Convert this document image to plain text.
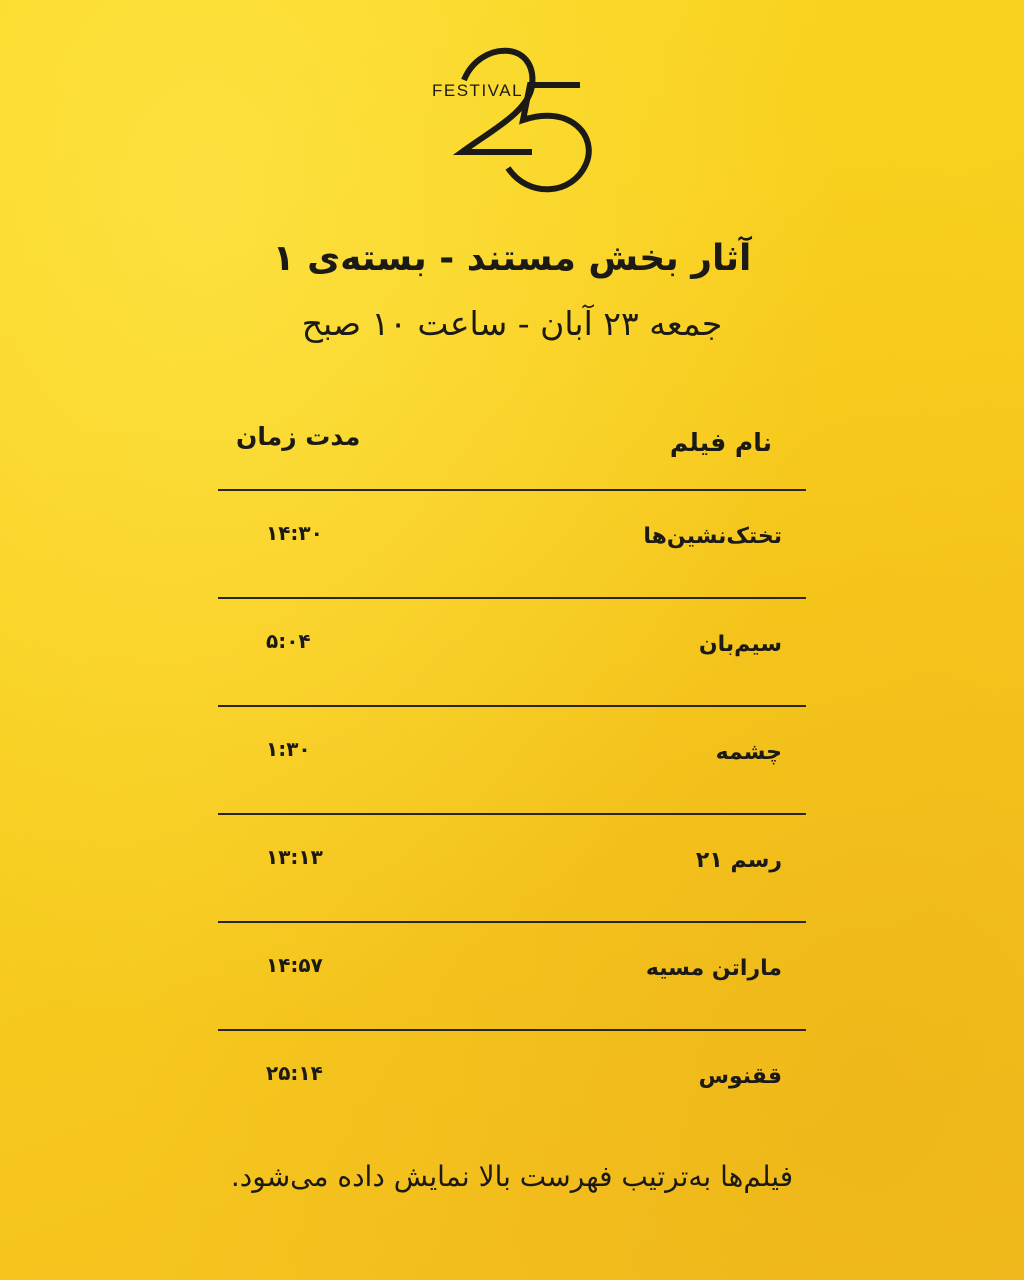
FESTIVAL
آثار بخش مستند - بسته‌ی ۱
جمعه ۲۳ آبان - ساعت ۱۰ صبح
نام فیلم
مدت زمان
تختک‌نشین‌ها
۱۴:۳۰
سیم‌بان
۵:۰۴
چشمه
۱:۳۰
رسم ۲۱
۱۳:۱۳
ماراتن مسیه
۱۴:۵۷
ققنوس
۲۵:۱۴

فیلم‌ها به‌ترتیب فهرست بالا نمایش داده می‌شود.
